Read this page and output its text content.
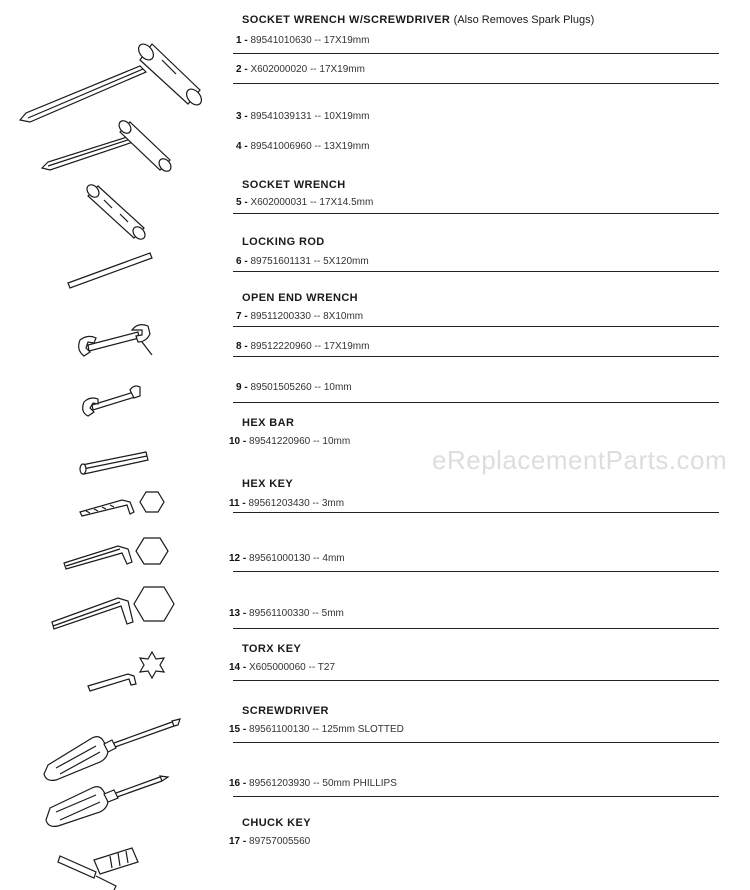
eReplacementParts.com
SOCKET WRENCH W/SCREWDRIVER (Also Removes Spark Plugs)
SOCKET WRENCH
LOCKING ROD
OPEN END WRENCH
HEX BAR
HEX KEY
TORX KEY
SCREWDRIVER
CHUCK KEY
1 - 89541010630 -- 17X19mm
2 - X602000020 -- 17X19mm
3 - 89541039131 -- 10X19mm
4 - 89541006960 -- 13X19mm
5 - X602000031 -- 17X14.5mm
6 - 89751601131 -- 5X120mm
7 - 89511200330 -- 8X10mm
8 - 89512220960 -- 17X19mm
9 - 89501505260 -- 10mm
10 - 89541220960 -- 10mm
11 - 89561203430 -- 3mm
12 - 89561000130 -- 4mm
13 - 89561100330 -- 5mm
14 - X605000060 -- T27
15 - 89561100130 -- 125mm SLOTTED
16 - 89561203930 -- 50mm PHILLIPS
17 - 89757005560
